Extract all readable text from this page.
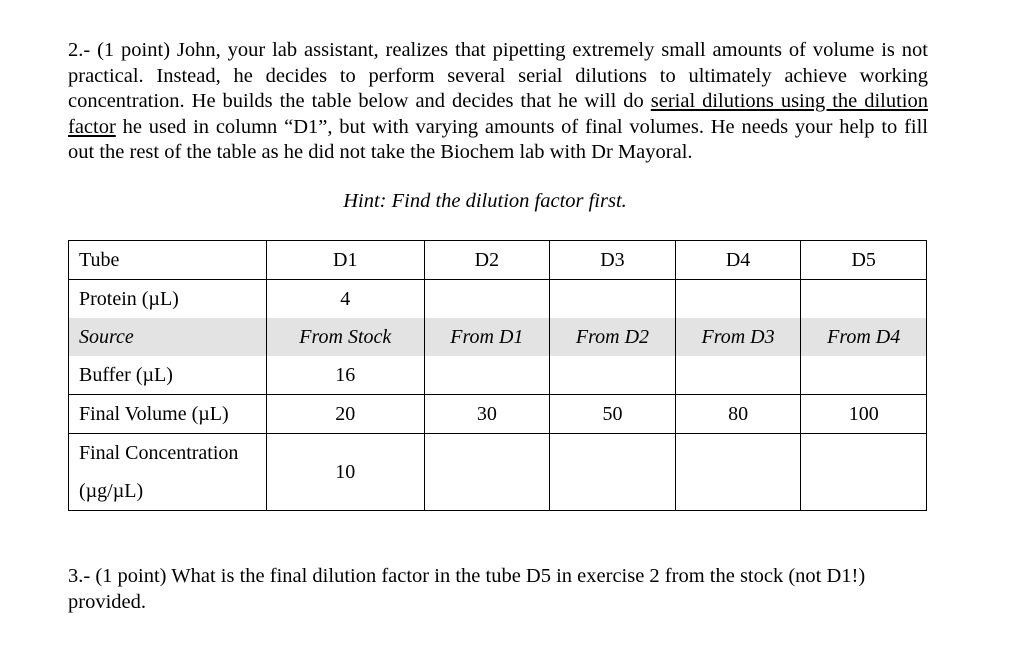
2.- (1 point) John, your lab assistant, realizes that pipetting extremely small amounts of volume is not practical. Instead, he decides to perform several serial dilutions to ultimately achieve working concentration. He builds the table below and decides that he will do serial dilutions using the dilution factor he used in column “D1”, but with varying amounts of final volumes. He needs your help to fill out the rest of the table as he did not take the Biochem lab with Dr Mayoral.

Hint: Find the dilution factor first.
Tube	D1	D2	D3	D4	D5
Protein (µL)	4				
Source	From Stock	From D1	From D2	From D3	From D4
Buffer (µL)	16				
Final Volume (µL)	20	30	50	80	100

Final Concentration
(µg/µL)	10				

3.- (1 point) What is the final dilution factor in the tube D5 in exercise 2 from the stock (not D1!) provided.
